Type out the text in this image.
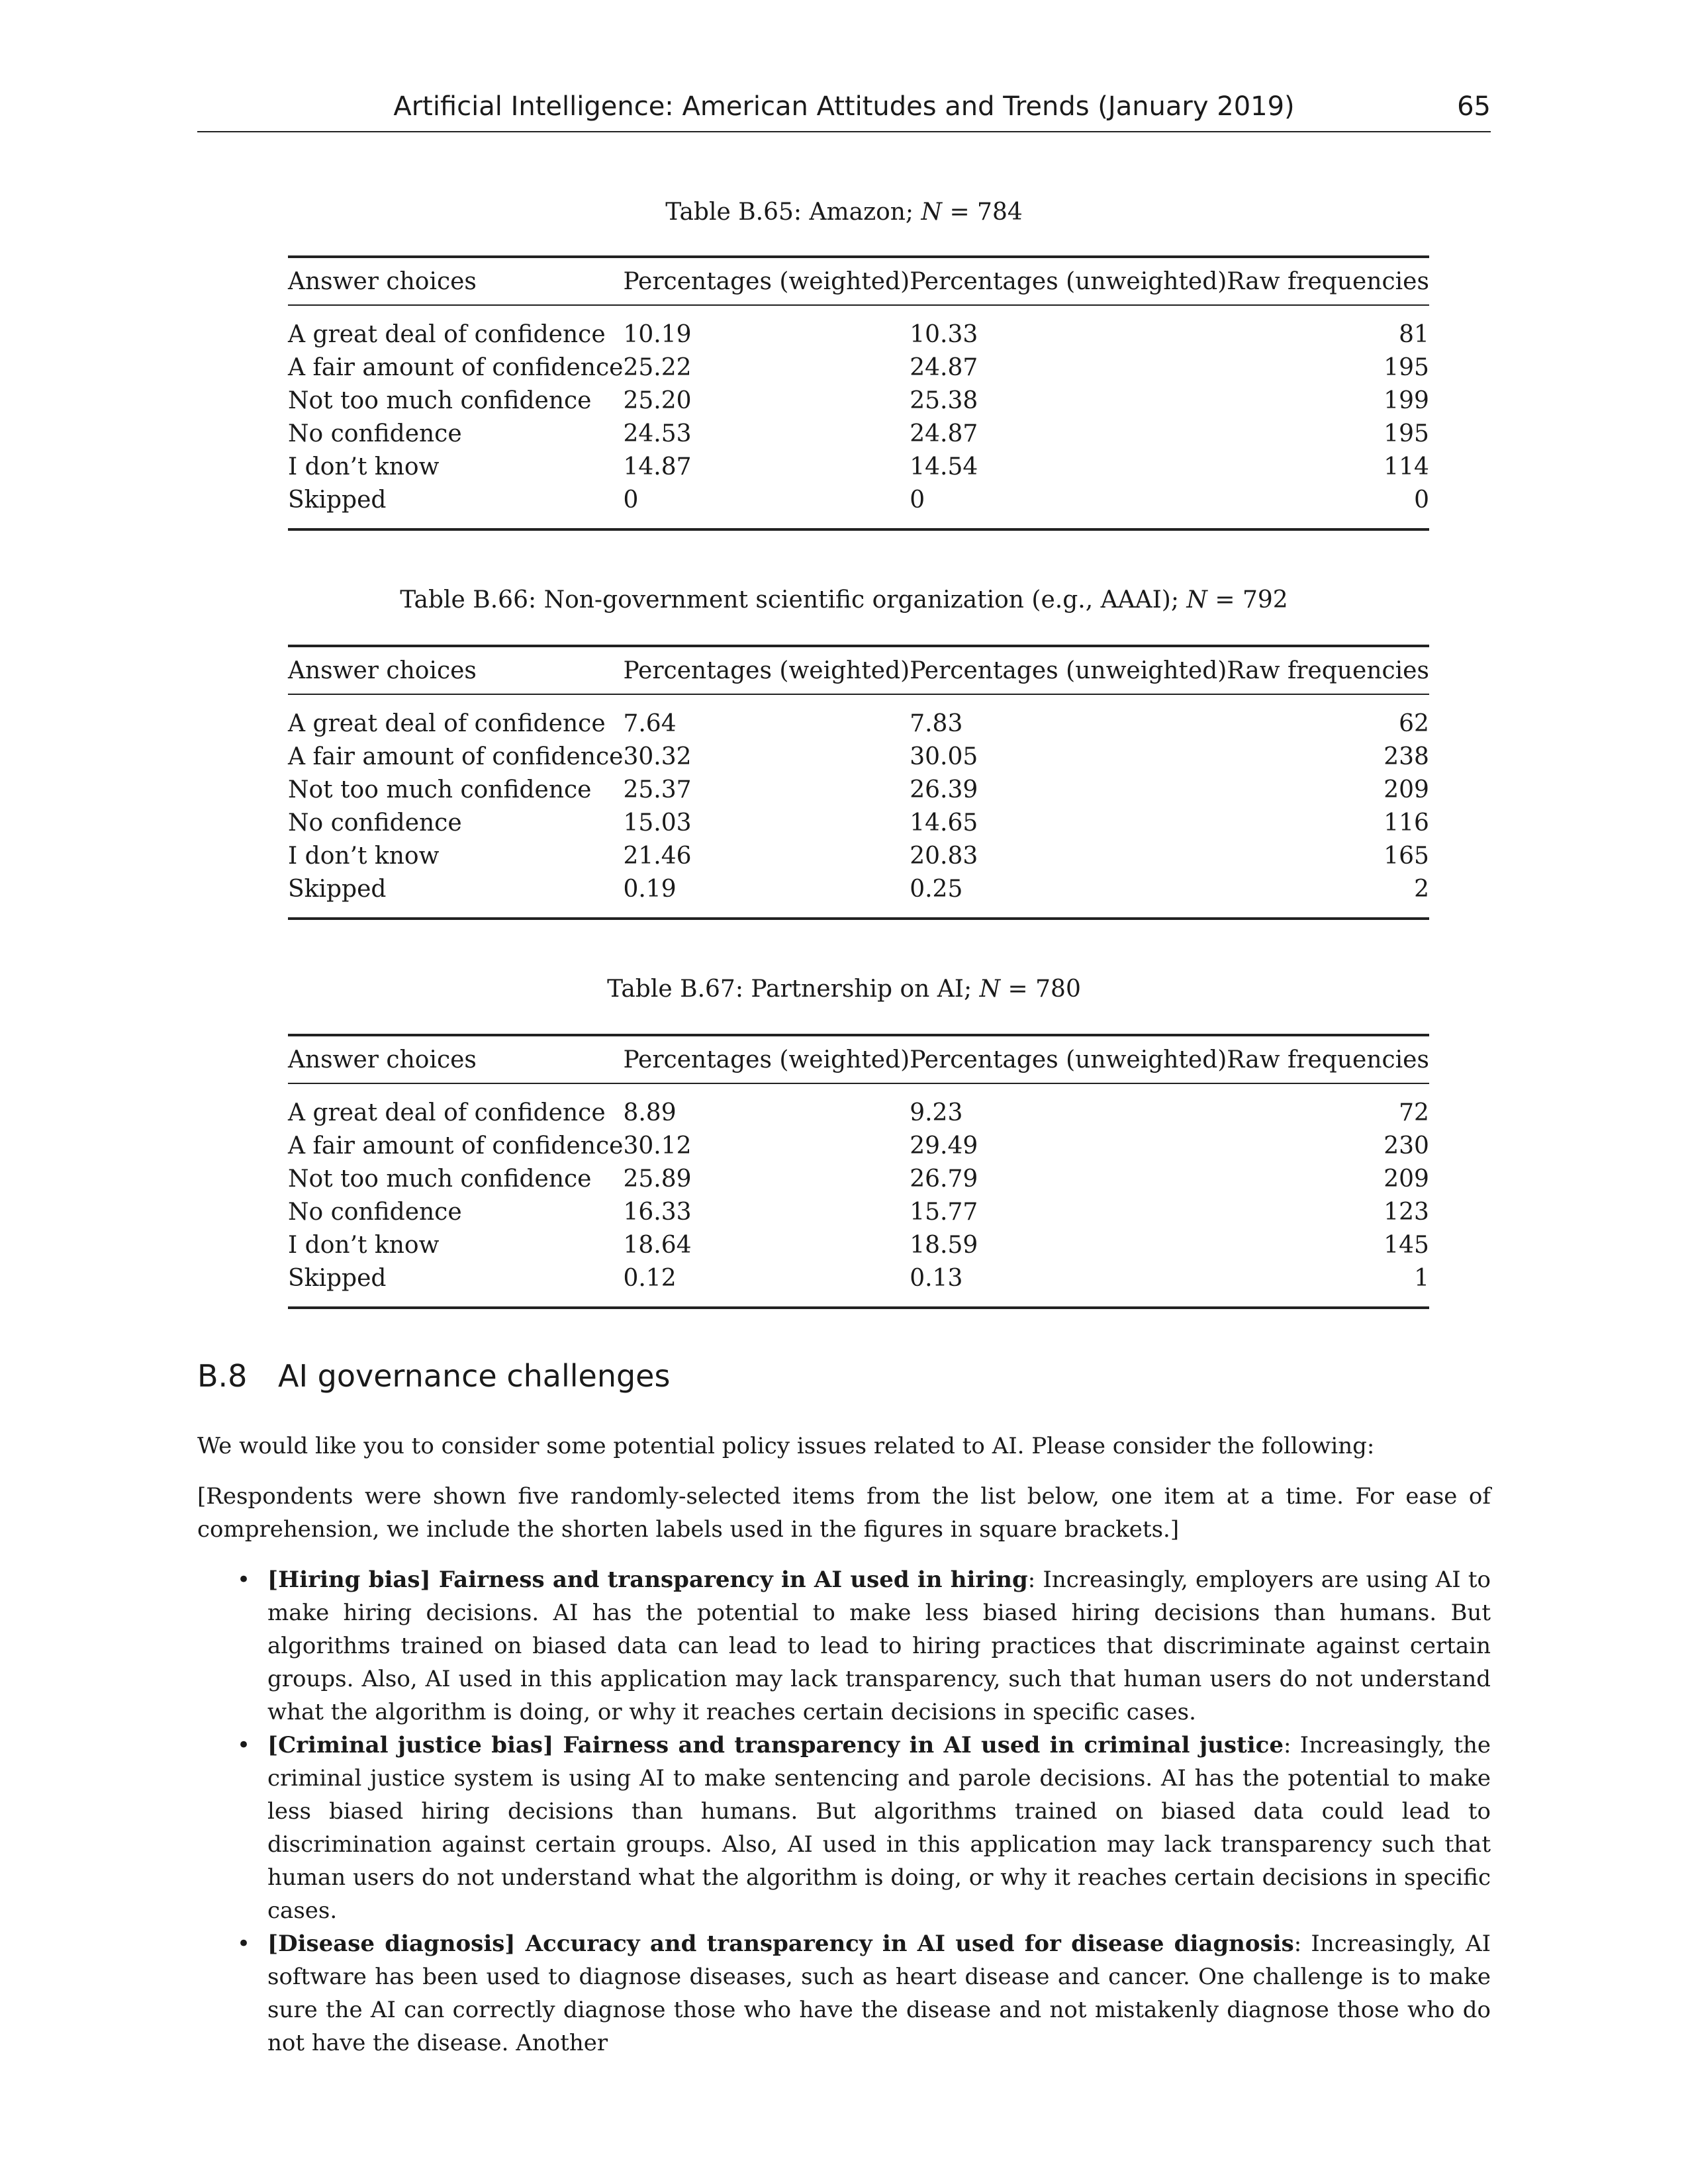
Artificial Intelligence: American Attitudes and Trends (January 2019)	65
Table B.65: Amazon; N = 784
Answer choices	Percentages (weighted)	Percentages (unweighted)	Raw frequencies
A great deal of confidence	10.19	10.33	81
A fair amount of confidence	25.22	24.87	195
Not too much confidence	25.20	25.38	199
No confidence	24.53	24.87	195
I don’t know	14.87	14.54	114
Skipped	0	0	0
Table B.66: Non-government scientific organization (e.g., AAAI); N = 792
Answer choices	Percentages (weighted)	Percentages (unweighted)	Raw frequencies
A great deal of confidence	7.64	7.83	62
A fair amount of confidence	30.32	30.05	238
Not too much confidence	25.37	26.39	209
No confidence	15.03	14.65	116
I don’t know	21.46	20.83	165
Skipped	0.19	0.25	2
Table B.67: Partnership on AI; N = 780
Answer choices	Percentages (weighted)	Percentages (unweighted)	Raw frequencies
A great deal of confidence	8.89	9.23	72
A fair amount of confidence	30.12	29.49	230
Not too much confidence	25.89	26.79	209
No confidence	16.33	15.77	123
I don’t know	18.64	18.59	145
Skipped	0.12	0.13	1
B.8 AI governance challenges
We would like you to consider some potential policy issues related to AI. Please consider the following:
[Respondents were shown five randomly-selected items from the list below, one item at a time. For ease of comprehension, we include the shorten labels used in the figures in square brackets.]
• [Hiring bias] Fairness and transparency in AI used in hiring: Increasingly, employers are using AI to make hiring decisions. AI has the potential to make less biased hiring decisions than humans. But algorithms trained on biased data can lead to lead to hiring practices that discriminate against certain groups. Also, AI used in this application may lack transparency, such that human users do not understand what the algorithm is doing, or why it reaches certain decisions in specific cases.
• [Criminal justice bias] Fairness and transparency in AI used in criminal justice: Increasingly, the criminal justice system is using AI to make sentencing and parole decisions. AI has the potential to make less biased hiring decisions than humans. But algorithms trained on biased data could lead to discrimination against certain groups. Also, AI used in this application may lack transparency such that human users do not understand what the algorithm is doing, or why it reaches certain decisions in specific cases.
• [Disease diagnosis] Accuracy and transparency in AI used for disease diagnosis: Increasingly, AI software has been used to diagnose diseases, such as heart disease and cancer. One challenge is to make sure the AI can correctly diagnose those who have the disease and not mistakenly diagnose those who do not have the disease. Another
